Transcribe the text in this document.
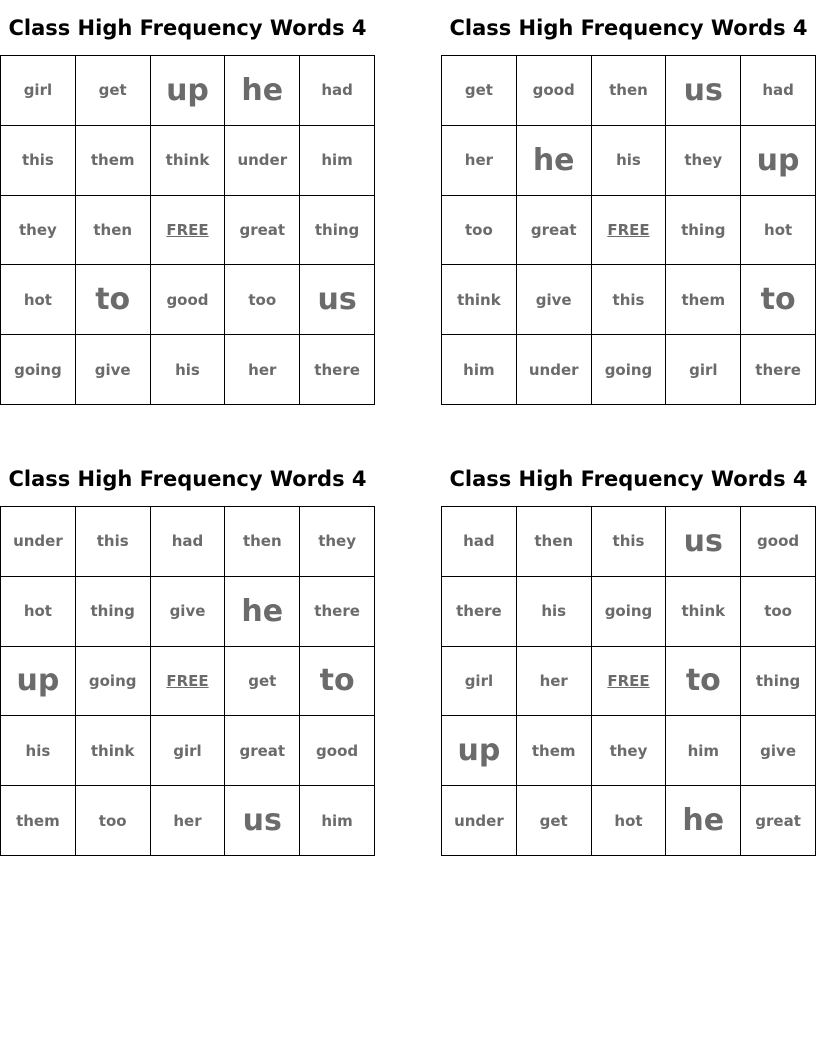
Class High Frequency Words 4
girl	get	up	he	had
this	them	think	under	him
they	then	FREE	great	thing
hot	to	good	too	us
going	give	his	her	there
Class High Frequency Words 4
get	good	then	us	had
her	he	his	they	up
too	great	FREE	thing	hot
think	give	this	them	to
him	under	going	girl	there
Class High Frequency Words 4
under	this	had	then	they
hot	thing	give	he	there
up	going	FREE	get	to
his	think	girl	great	good
them	too	her	us	him
Class High Frequency Words 4
had	then	this	us	good
there	his	going	think	too
girl	her	FREE	to	thing
up	them	they	him	give
under	get	hot	he	great
